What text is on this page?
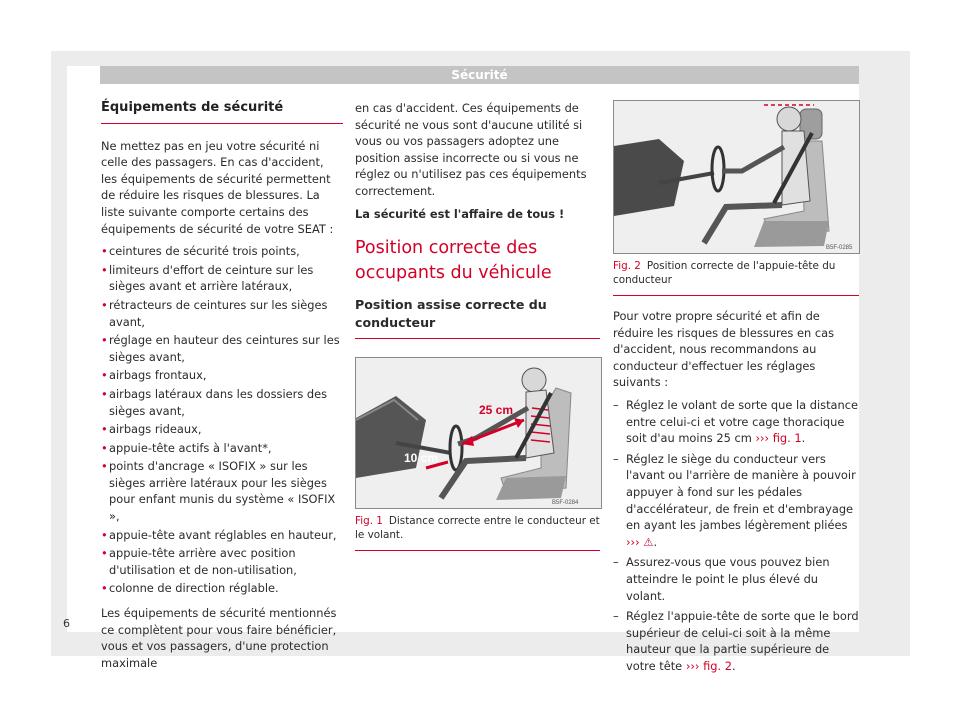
Sécurité
Équipements de sécurité

Ne mettez pas en jeu votre sécurité ni celle des passagers. En cas d'accident, les équipements de sécurité permettent de réduire les risques de blessures. La liste suivante comporte certains des équipements de sécurité de votre SEAT :

• ceintures de sécurité trois points,
• limiteurs d'effort de ceinture sur les sièges avant et arrière latéraux,
• rétracteurs de ceintures sur les sièges avant,
• réglage en hauteur des ceintures sur les sièges avant,
• airbags frontaux,
• airbags latéraux dans les dossiers des sièges avant,
• airbags rideaux,
• appuie-tête actifs à l'avant*,
• points d'ancrage « ISOFIX » sur les sièges arrière latéraux pour les sièges pour enfant munis du système « ISOFIX »,
• appuie-tête avant réglables en hauteur,
• appuie-tête arrière avec position d'utilisation et de non-utilisation,
• colonne de direction réglable.

Les équipements de sécurité mentionnés ce complètent pour vous faire bénéficier, vous et vos passagers, d'une protection maximale

en cas d'accident. Ces équipements de sécurité ne vous sont d'aucune utilité si vous ou vos passagers adoptez une position assise incorrecte ou si vous ne réglez ou n'utilisez pas ces équipements correctement.

La sécurité est l'affaire de tous !

Position correcte des occupants du véhicule
Position assise correcte du conducteur
25 cm
10 cm
B5F-0284
Fig. 1 Distance correcte entre le conducteur et le volant.
B5F-0285
Fig. 2 Position correcte de l'appuie-tête du conducteur

Pour votre propre sécurité et afin de réduire les risques de blessures en cas d'accident, nous recommandons au conducteur d'effectuer les réglages suivants :

– Réglez le volant de sorte que la distance entre celui-ci et votre cage thoracique soit d'au moins 25 cm ››› fig. 1.
– Réglez le siège du conducteur vers l'avant ou l'arrière de manière à pouvoir appuyer à fond sur les pédales d'accélérateur, de frein et d'embrayage en ayant les jambes légèrement pliées ››› ⚠.
– Assurez-vous que vous pouvez bien atteindre le point le plus élevé du volant.
– Réglez l'appuie-tête de sorte que le bord supérieur de celui-ci soit à la même hauteur que la partie supérieure de votre tête ››› fig. 2.
6
